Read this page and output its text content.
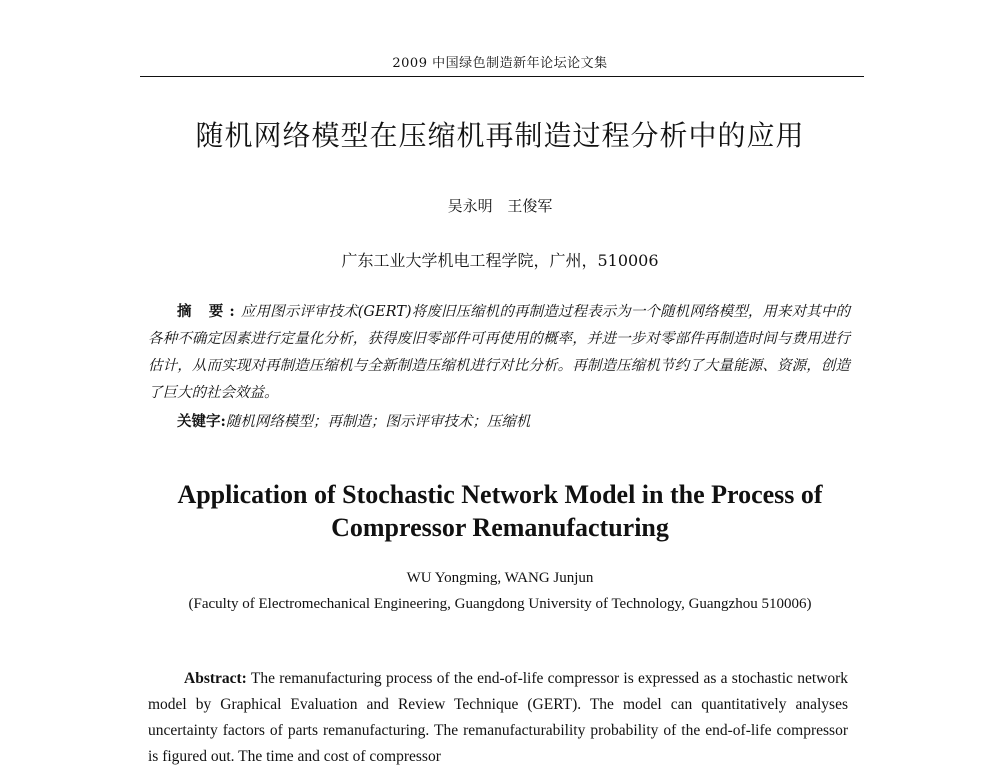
2009 中国绿色制造新年论坛论文集
随机网络模型在压缩机再制造过程分析中的应用
吴永明 王俊军
广东工业大学机电工程学院，广州，510006
摘 要:应用图示评审技术(GERT)将废旧压缩机的再制造过程表示为一个随机网络模型，用来对其中的各种不确定因素进行定量化分析，获得废旧零部件可再使用的概率，并进一步对零部件再制造时间与费用进行估计，从而实现对再制造压缩机与全新制造压缩机进行对比分析。再制造压缩机节约了大量能源、资源，创造了巨大的社会效益。
关键字:随机网络模型；再制造；图示评审技术；压缩机
Application of Stochastic Network Model in the Process of
Compressor Remanufacturing
WU Yongming, WANG Junjun
(Faculty of Electromechanical Engineering, Guangdong University of Technology, Guangzhou 510006)
Abstract: The remanufacturing process of the end-of-life compressor is expressed as a stochastic network model by Graphical Evaluation and Review Technique (GERT). The model can quantitatively analyses uncertainty factors of parts remanufacturing. The remanufacturability probability of the end-of-life compressor is figured out. The time and cost of compressor
